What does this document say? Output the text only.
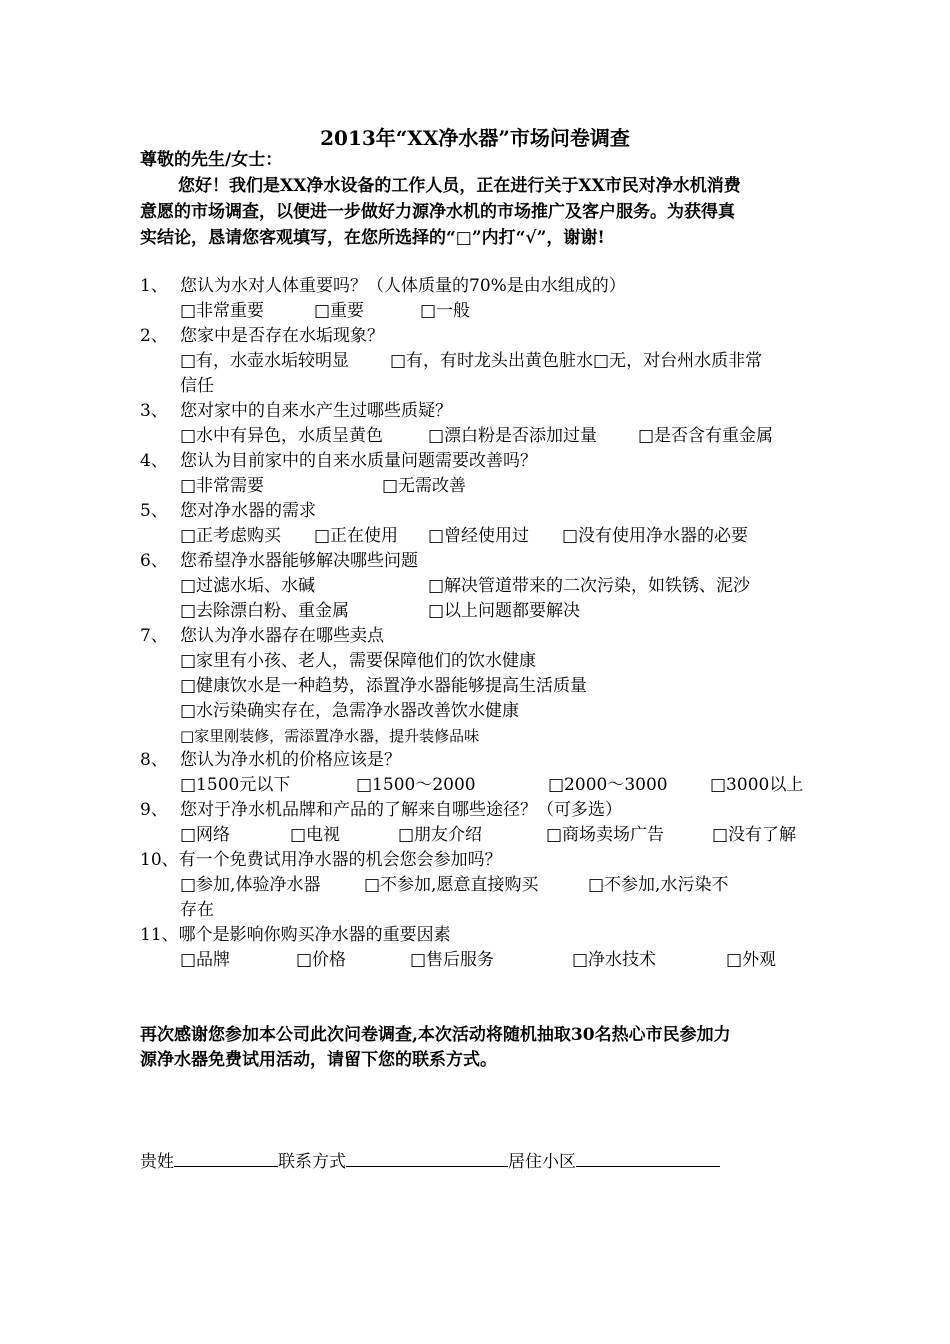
2013年“XX净水器”市场问卷调查
尊敬的先生/女士：
您好！我们是XX净水设备的工作人员，正在进行关于XX市民对净水机消费
意愿的市场调查，以便进一步做好力源净水机的市场推广及客户服务。为获得真
实结论，恳请您客观填写，在您所选择的“□”内打“√”，谢谢!
1、 您认为水对人体重要吗？（人体质量的70%是由水组成的）
□非常重要	□重要	□一般
2、 您家中是否存在水垢现象？
□有，水壶水垢较明显 □有，有时龙头出黄色脏水□无，对台州水质非常
信任
3、 您对家中的自来水产生过哪些质疑？
□水中有异色，水质呈黄色	□漂白粉是否添加过量 □是否含有重金属
4、 您认为目前家中的自来水质量问题需要改善吗？
□非常需要	□无需改善
5、 您对净水器的需求
□正考虑购买 □正在使用 □曾经使用过 □没有使用净水器的必要
6、 您希望净水器能够解决哪些问题
□过滤水垢、水碱	□解决管道带来的二次污染，如铁锈、泥沙
□去除漂白粉、重金属	□以上问题都要解决
7、 您认为净水器存在哪些卖点
□家里有小孩、老人，需要保障他们的饮水健康
□健康饮水是一种趋势，添置净水器能够提高生活质量
□水污染确实存在，急需净水器改善饮水健康
□家里刚装修，需添置净水器，提升装修品味
8、 您认为净水机的价格应该是？
□1500元以下	□1500～2000	□2000～3000 □3000以上
9、 您对于净水机品牌和产品的了解来自哪些途径？（可多选）
□网络	□电视	□朋友介绍	□商场卖场广告	□没有了解
10、有一个免费试用净水器的机会您会参加吗？
□参加,体验净水器	□不参加,愿意直接购买	□不参加,水污染不
存在
11、哪个是影响你购买净水器的重要因素
□品牌	□价格	□售后服务	□净水技术	□外观
再次感谢您参加本公司此次问卷调查,本次活动将随机抽取30名热心市民参加力
源净水器免费试用活动，请留下您的联系方式。
贵姓	联系方式	居住小区
